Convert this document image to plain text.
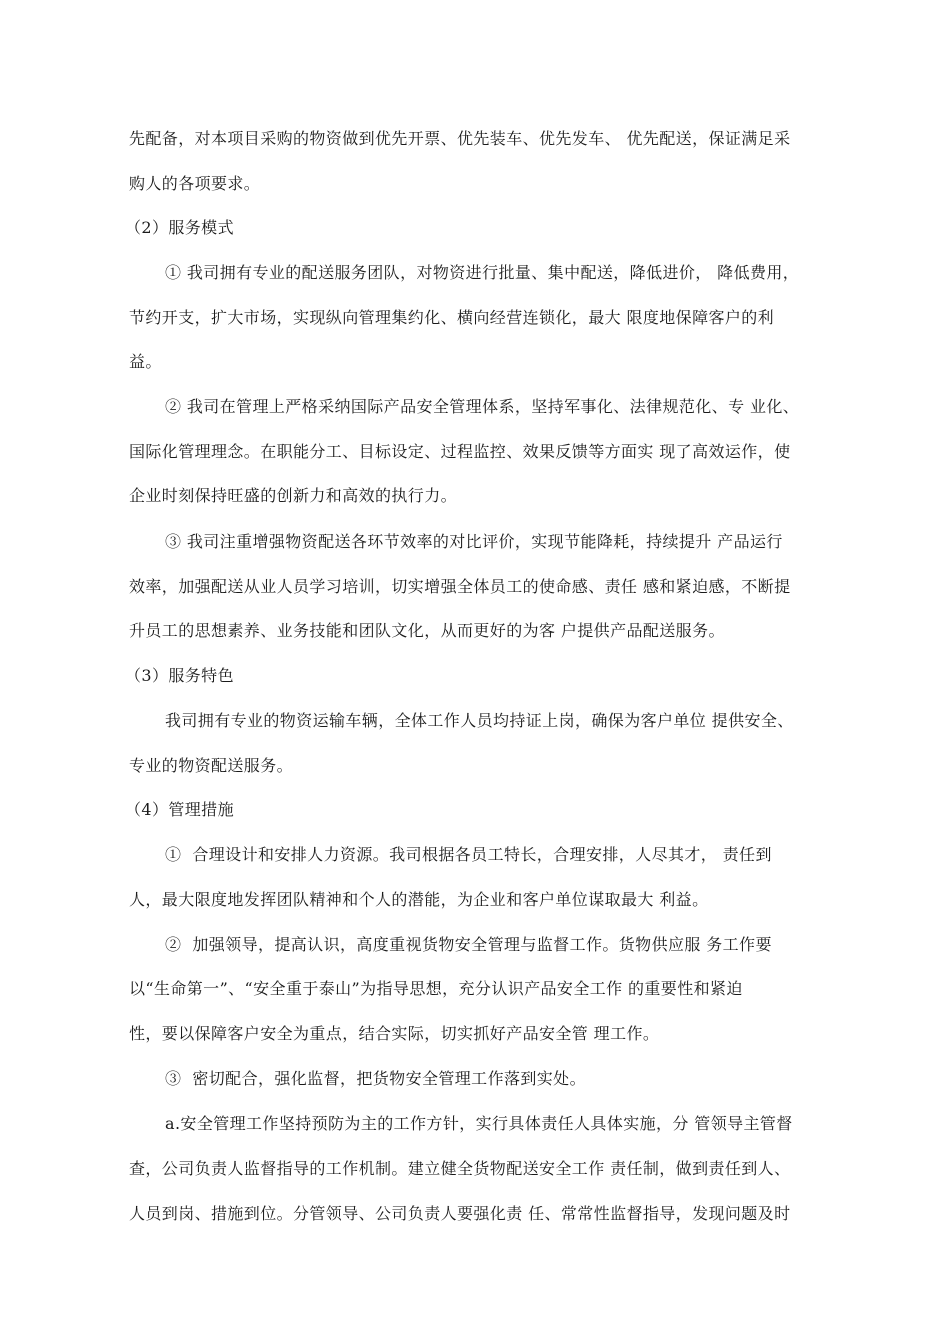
先配备，对本项目采购的物资做到优先开票、优先装车、优先发车、 优先配送，保证满足采
购人的各项要求。
（2）服务模式
① 我司拥有专业的配送服务团队，对物资进行批量、集中配送，降低进价， 降低费用，
节约开支，扩大市场，实现纵向管理集约化、横向经营连锁化，最大 限度地保障客户的利
益。
② 我司在管理上严格采纳国际产品安全管理体系，坚持军事化、法律规范化、专 业化、
国际化管理理念。在职能分工、目标设定、过程监控、效果反馈等方面实 现了高效运作，使
企业时刻保持旺盛的创新力和高效的执行力。
③ 我司注重增强物资配送各环节效率的对比评价，实现节能降耗，持续提升 产品运行
效率，加强配送从业人员学习培训，切实增强全体员工的使命感、责任 感和紧迫感，不断提
升员工的思想素养、业务技能和团队文化，从而更好的为客 户提供产品配送服务。
（3）服务特色
我司拥有专业的物资运输车辆，全体工作人员均持证上岗，确保为客户单位 提供安全、
专业的物资配送服务。
（4）管理措施
①  合理设计和安排人力资源。我司根据各员工特长，合理安排，人尽其才， 责任到
人，最大限度地发挥团队精神和个人的潜能，为企业和客户单位谋取最大 利益。
②  加强领导，提高认识，高度重视货物安全管理与监督工作。货物供应服 务工作要
以“生命第一”、“安全重于泰山”为指导思想，充分认识产品安全工作 的重要性和紧迫
性，要以保障客户安全为重点，结合实际，切实抓好产品安全管 理工作。
③  密切配合，强化监督，把货物安全管理工作落到实处。
a.安全管理工作坚持预防为主的工作方针，实行具体责任人具体实施，分 管领导主管督
查，公司负责人监督指导的工作机制。建立健全货物配送安全工作 责任制，做到责任到人、
人员到岗、措施到位。分管领导、公司负责人要强化责 任、常常性监督指导，发现问题及时
